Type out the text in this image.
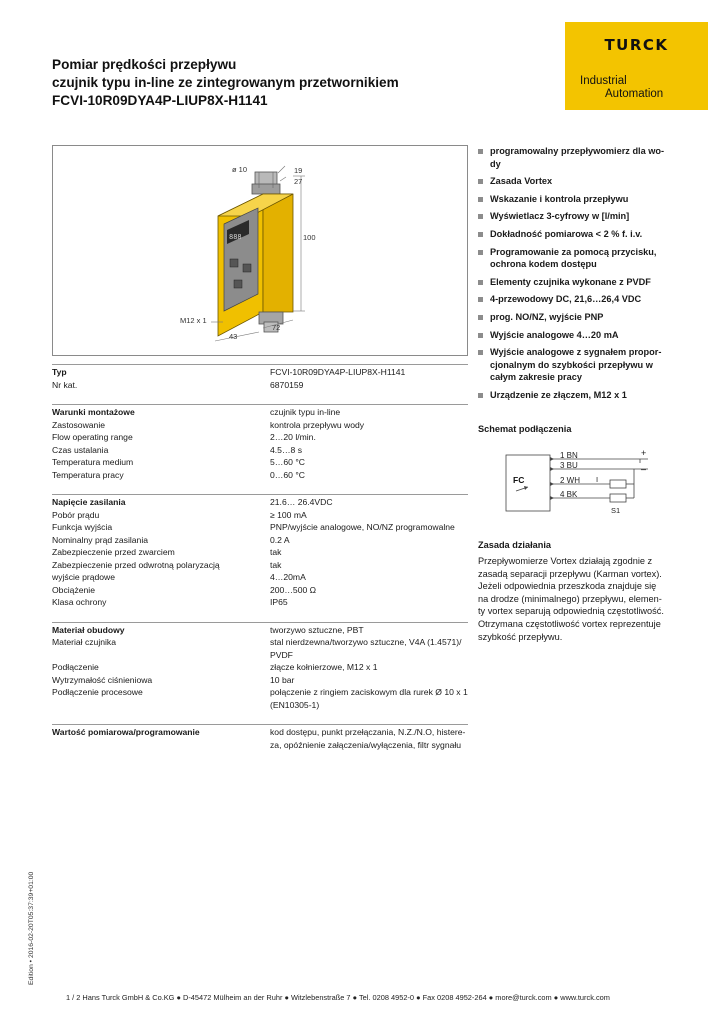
Pomiar prędkości przepływu
czujnik typu in-line ze zintegrowanym przetwornikiem
FCVI-10R09DYA4P-LIUP8X-H1141
TURCK
Industrial
Automation
888
ø 10	19
27
100
M12 x 1
72
43
Typ	FCVI-10R09DYA4P-LIUP8X-H1141
Nr kat.	6870159
Warunki montażowe	czujnik typu in-line
Zastosowanie	kontrola przepływu wody
Flow operating range	2…20 l/min.
Czas ustalania	4.5…8 s
Temperatura medium	5…60 °C
Temperatura pracy	0…60 °C
Napięcie zasilania	21.6… 26.4VDC
Pobór prądu	≥ 100 mA
Funkcja wyjścia	PNP/wyjście analogowe, NO/NZ programowalne
Nominalny prąd zasilania	0.2 A
Zabezpieczenie przed zwarciem	tak
Zabezpieczenie przed odwrotną polaryzacją	tak
wyjście prądowe	4…20mA
Obciążenie	200…500 Ω
Klasa ochrony	IP65
Materiał obudowy	tworzywo sztuczne, PBT
Materiał czujnika	stal nierdzewna/tworzywo sztuczne, V4A (1.4571)/
PVDF
Podłączenie	złącze kołnierzowe, M12 x 1
Wytrzymałość ciśnieniowa	10 bar
Podłączenie procesowe	połączenie z ringiem zaciskowym dla rurek Ø 10 x 1
(EN10305-1)
Wartość pomiarowa/programowanie	kod dostępu, punkt przełączania, N.Z./N.O, histere-
za, opóźnienie załączenia/wyłączenia, filtr sygnału
programowalny przepływomierz dla wo-
dy
Zasada Vortex
Wskazanie i kontrola przepływu
Wyświetlacz 3-cyfrowy w [l/min]
Dokładność pomiarowa < 2 % f. i.v.
Programowanie za pomocą przycisku,
ochrona kodem dostępu
Elementy czujnika wykonane z PVDF
4-przewodowy DC, 21,6…26,4 VDC
prog. NO/NZ, wyjście PNP
Wyjście analogowe 4…20 mA
Wyjście analogowe z sygnałem propor-
cjonalnym do szybkości przepływu w
całym zakresie pracy
Urządzenie ze złączem, M12 x 1
Schemat podłączenia
FC
1 BN
3 BU
2 WH
4 BK
+
–
I
S1
Zasada działania
Przepływomierze Vortex działają zgodnie z
zasadą separacji przepływu (Karman vortex).
Jeżeli odpowiednia przeszkoda znajduje się
na drodze (minimalnego) przepływu, elemen-
ty vortex separują odpowiednią częstotliwość.
Otrzymana częstotliwość vortex reprezentuje
szybkość przepływu.
Edition • 2016-02-20T05:37:39+01:00
1 / 2 Hans Turck GmbH & Co.KG ● D-45472 Mülheim an der Ruhr ● Witzlebenstraße 7 ● Tel. 0208 4952-0 ● Fax 0208 4952-264 ● more@turck.com ● www.turck.com
